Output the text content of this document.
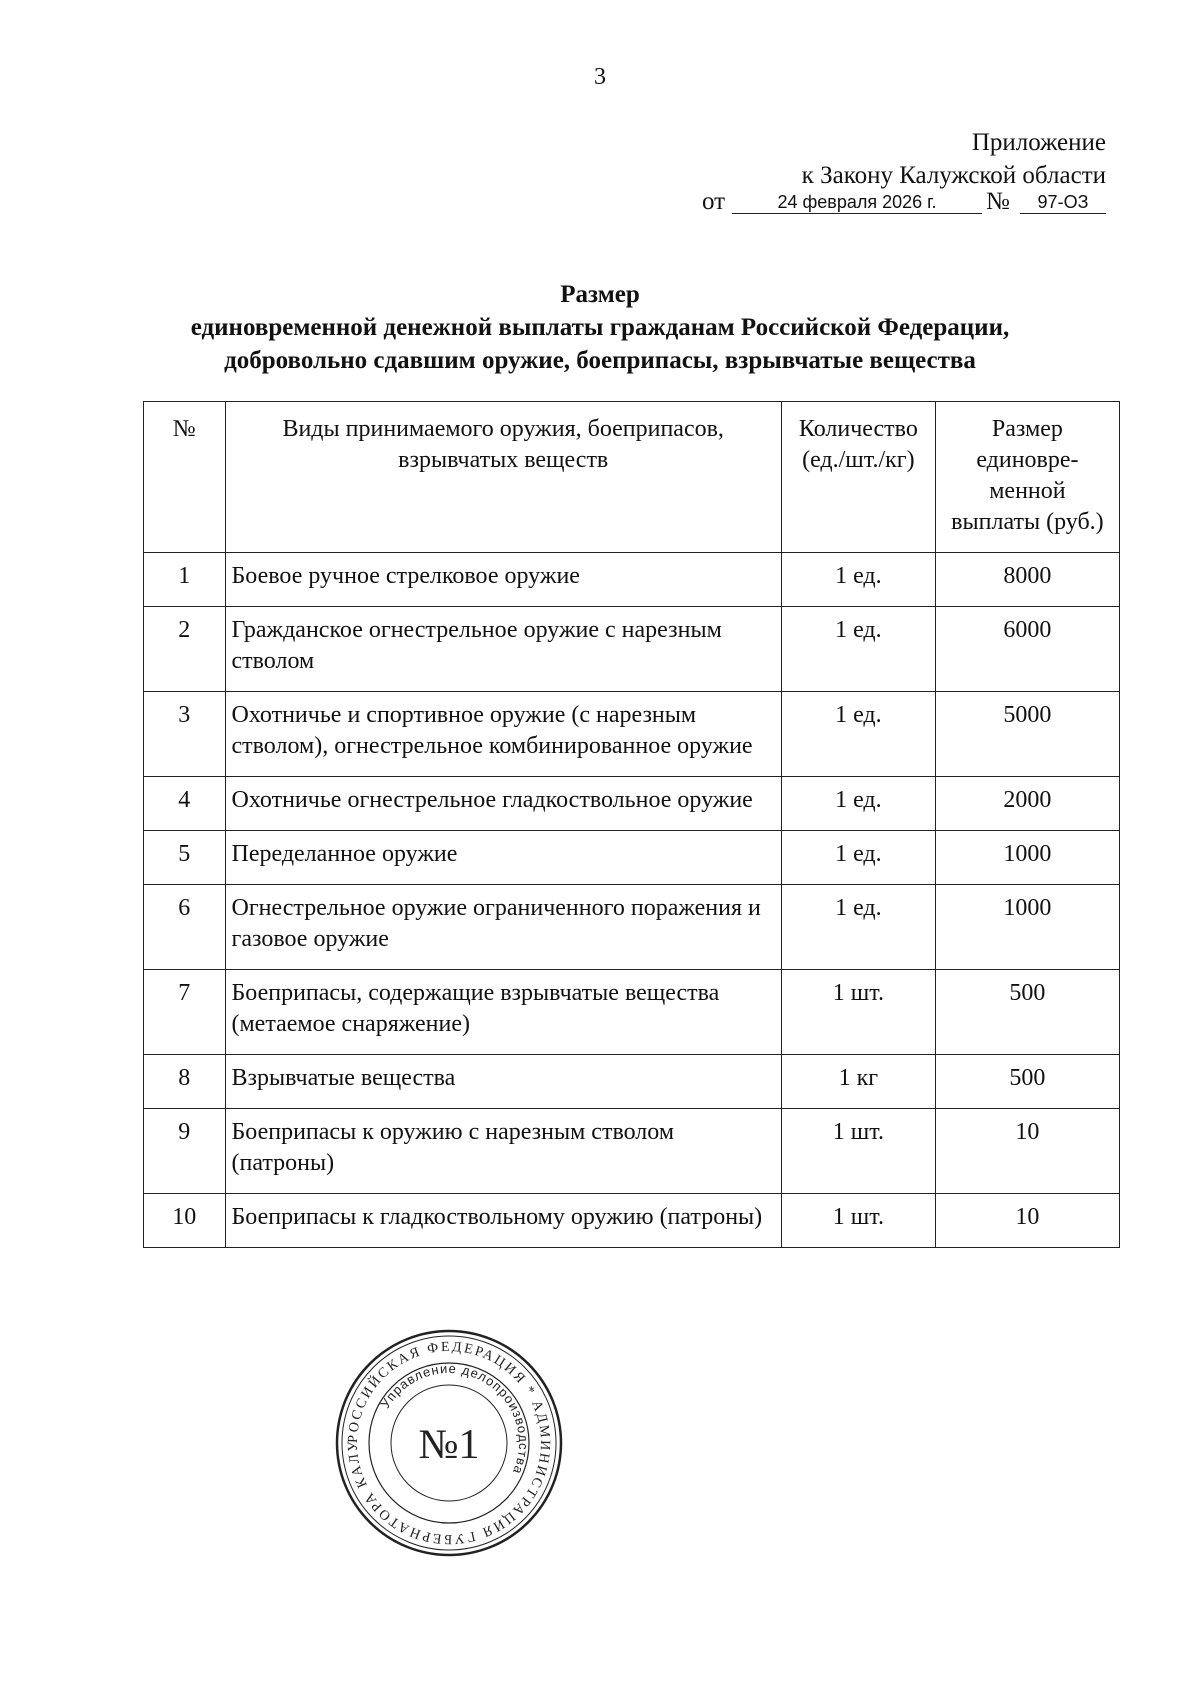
3
Приложение
к Закону Калужской области
от	24 февраля 2026 г.	№	97-ОЗ
Размер
единовременной денежной выплаты гражданам Российской Федерации,
добровольно сдавшим оружие, боеприпасы, взрывчатые вещества
№	Виды принимаемого оружия, боеприпасов, взрывчатых веществ	Количество (ед./шт./кг)	Размер единовре-менной выплаты (руб.)
1	Боевое ручное стрелковое оружие	1 ед.	8000
2	Гражданское огнестрельное оружие с нарезным стволом	1 ед.	6000
3	Охотничье и спортивное оружие (с нарезным стволом), огнестрельное комбинированное оружие	1 ед.	5000
4	Охотничье огнестрельное гладкоствольное оружие	1 ед.	2000
5	Переделанное оружие	1 ед.	1000
6	Огнестрельное оружие ограниченного поражения и газовое оружие	1 ед.	1000
7	Боеприпасы, содержащие взрывчатые вещества (метаемое снаряжение)	1 шт.	500
8	Взрывчатые вещества	1 кг	500
9	Боеприпасы к оружию с нарезным стволом (патроны)	1 шт.	10
10	Боеприпасы к гладкоствольному оружию (патроны)	1 шт.	10
РОССИЙСКАЯ ФЕДЕРАЦИЯ * АДМИНИСТРАЦИЯ ГУБЕРНАТОРА КАЛУ
Управление делопроизводства
№1
